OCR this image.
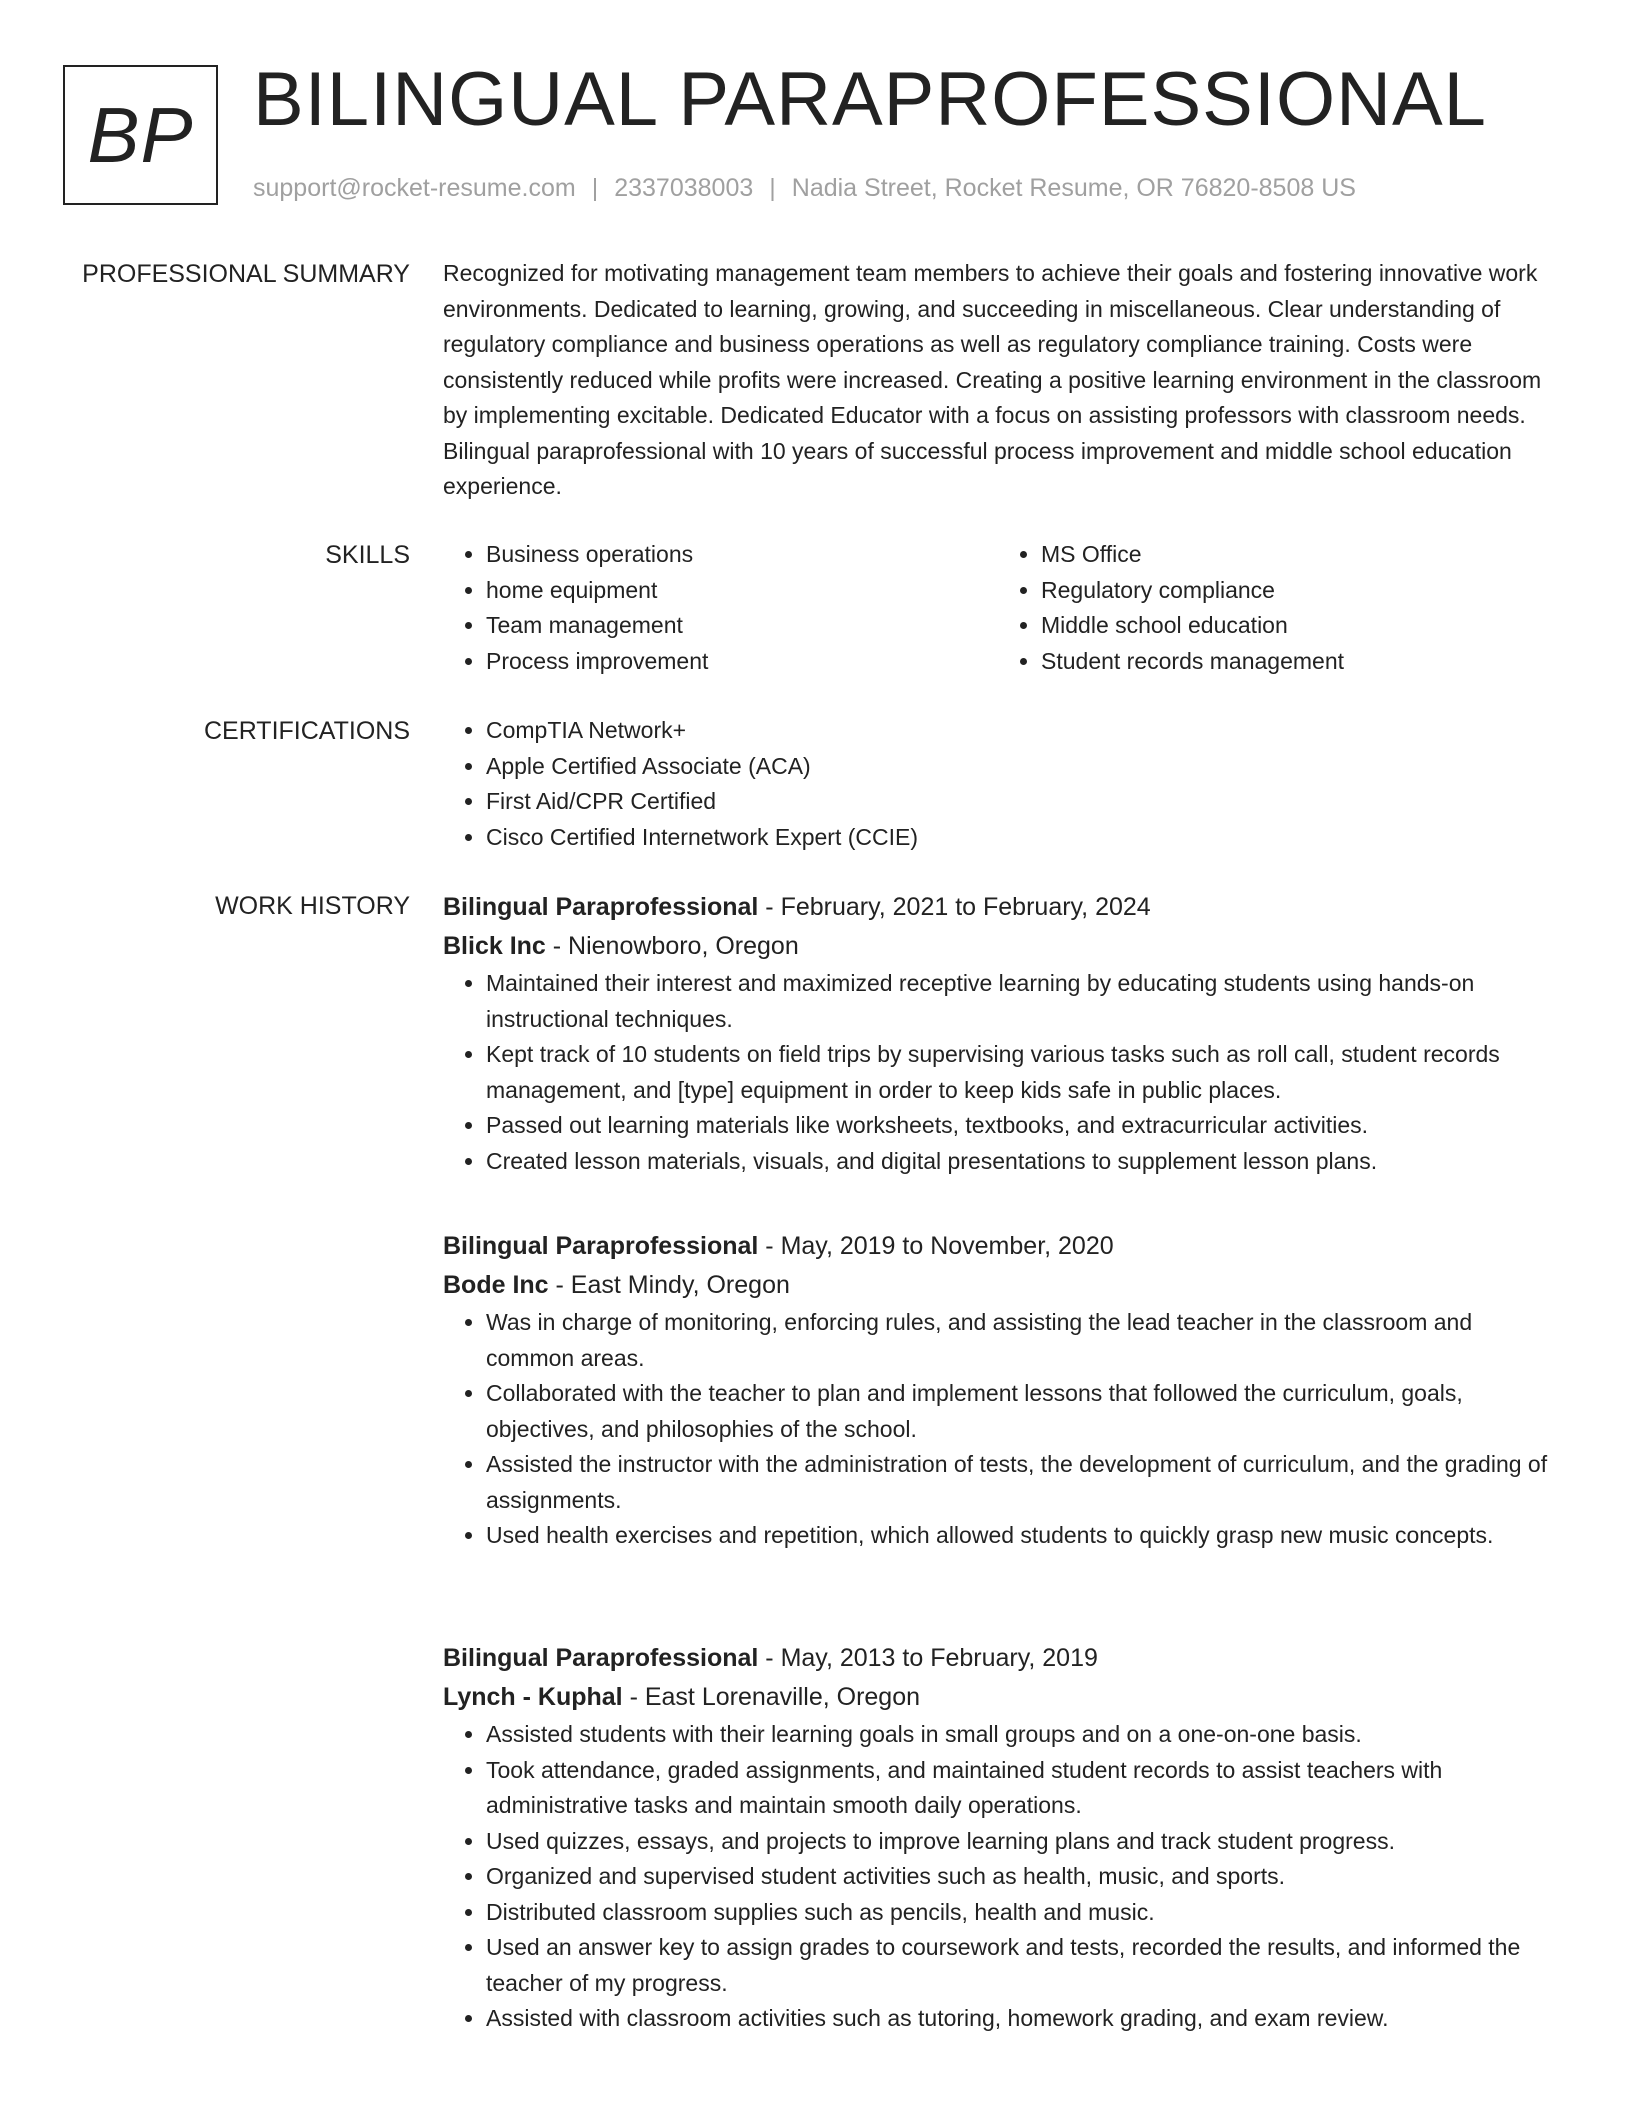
BP BILINGUAL PARAPROFESSIONAL
support@rocket-resume.com | 2337038003 | Nadia Street, Rocket Resume, OR 76820-8508 US
PROFESSIONAL SUMMARY Recognized for motivating management team members to achieve their goals and fostering innovative work environments. Dedicated to learning, growing, and succeeding in miscellaneous. Clear understanding of regulatory compliance and business operations as well as regulatory compliance training. Costs were consistently reduced while profits were increased. Creating a positive learning environment in the classroom by implementing excitable. Dedicated Educator with a focus on assisting professors with classroom needs. Bilingual paraprofessional with 10 years of successful process improvement and middle school education experience.

SKILLS	• Business operations
• home equipment
• Team management
• Process improvement
• MS Office
• Regulatory compliance
• Middle school education
• Student records management
CERTIFICATIONS	• CompTIA Network+
• Apple Certified Associate (ACA)
• First Aid/CPR Certified
• Cisco Certified Internetwork Expert (CCIE)
WORK HISTORY Bilingual Paraprofessional - February, 2021 to February, 2024
Blick Inc - Nienowboro, Oregon
• Maintained their interest and maximized receptive learning by educating students using hands-on instructional techniques.
• Kept track of 10 students on field trips by supervising various tasks such as roll call, student records management, and [type] equipment in order to keep kids safe in public places.
• Passed out learning materials like worksheets, textbooks, and extracurricular activities.
• Created lesson materials, visuals, and digital presentations to supplement lesson plans.
Bilingual Paraprofessional - May, 2019 to November, 2020
Bode Inc - East Mindy, Oregon
• Was in charge of monitoring, enforcing rules, and assisting the lead teacher in the classroom and common areas.
• Collaborated with the teacher to plan and implement lessons that followed the curriculum, goals, objectives, and philosophies of the school.
• Assisted the instructor with the administration of tests, the development of curriculum, and the grading of assignments.
• Used health exercises and repetition, which allowed students to quickly grasp new music concepts.
Bilingual Paraprofessional - May, 2013 to February, 2019
Lynch - Kuphal - East Lorenaville, Oregon
• Assisted students with their learning goals in small groups and on a one-on-one basis.
• Took attendance, graded assignments, and maintained student records to assist teachers with administrative tasks and maintain smooth daily operations.
• Used quizzes, essays, and projects to improve learning plans and track student progress.
• Organized and supervised student activities such as health, music, and sports.
• Distributed classroom supplies such as pencils, health and music.
• Used an answer key to assign grades to coursework and tests, recorded the results, and informed the teacher of my progress.
• Assisted with classroom activities such as tutoring, homework grading, and exam review.
